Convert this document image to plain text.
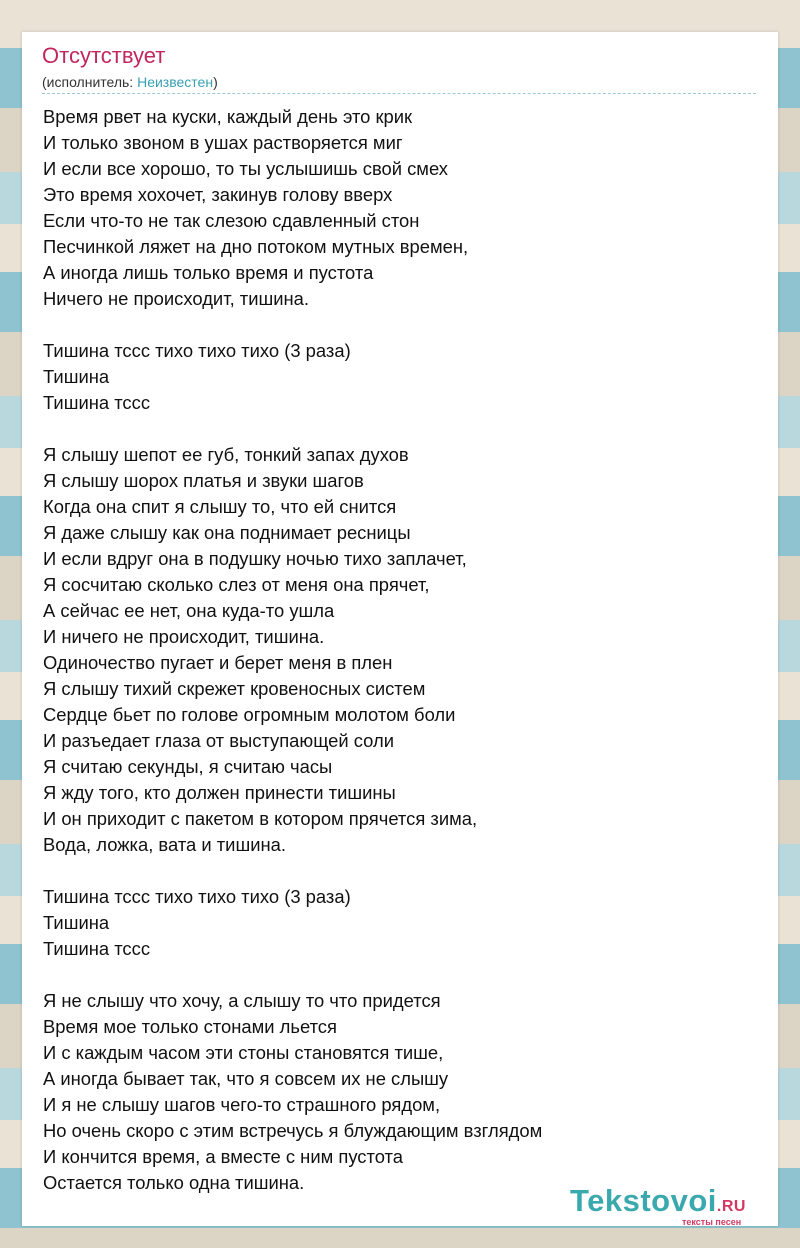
Отсутствует
(исполнитель: Неизвестен)
Время рвет на куски, каждый день это крик
И только звоном в ушах растворяется миг
И если все хорошо, то ты услышишь свой смех
Это время хохочет, закинув голову вверх
Если что-то не так слезою сдавленный стон
Песчинкой ляжет на дно потоком мутных времен,
А иногда лишь только время и пустота
Ничего не происходит, тишина.
Тишина тссс тихо тихо тихо (3 раза)
Тишина
Тишина тссс
Я слышу шепот ее губ, тонкий запах духов
Я слышу шорох платья и звуки шагов
Когда она спит я слышу то, что ей снится
Я даже слышу как она поднимает ресницы
И если вдруг она в подушку ночью тихо заплачет,
Я сосчитаю сколько слез от меня она прячет,
А сейчас ее нет, она куда-то ушла
И ничего не происходит, тишина.
Одиночество пугает и берет меня в плен
Я слышу тихий скрежет кровеносных систем
Сердце бьет по голове огромным молотом боли
И разъедает глаза от выступающей соли
Я считаю секунды, я считаю часы
Я жду того, кто должен принести тишины
И он приходит с пакетом в котором прячется зима,
Вода, ложка, вата и тишина.
Тишина тссс тихо тихо тихо (3 раза)
Тишина
Тишина тссс
Я не слышу что хочу, а слышу то что придется
Время мое только стонами льется
И с каждым часом эти стоны становятся тише,
А иногда бывает так, что я совсем их не слышу
И я не слышу шагов чего-то страшного рядом,
Но очень скоро с этим встречусь я блуждающим взглядом
И кончится время, а вместе с ним пустота
Остается только одна тишина.
Tekstovoi.RU
тексты песен
